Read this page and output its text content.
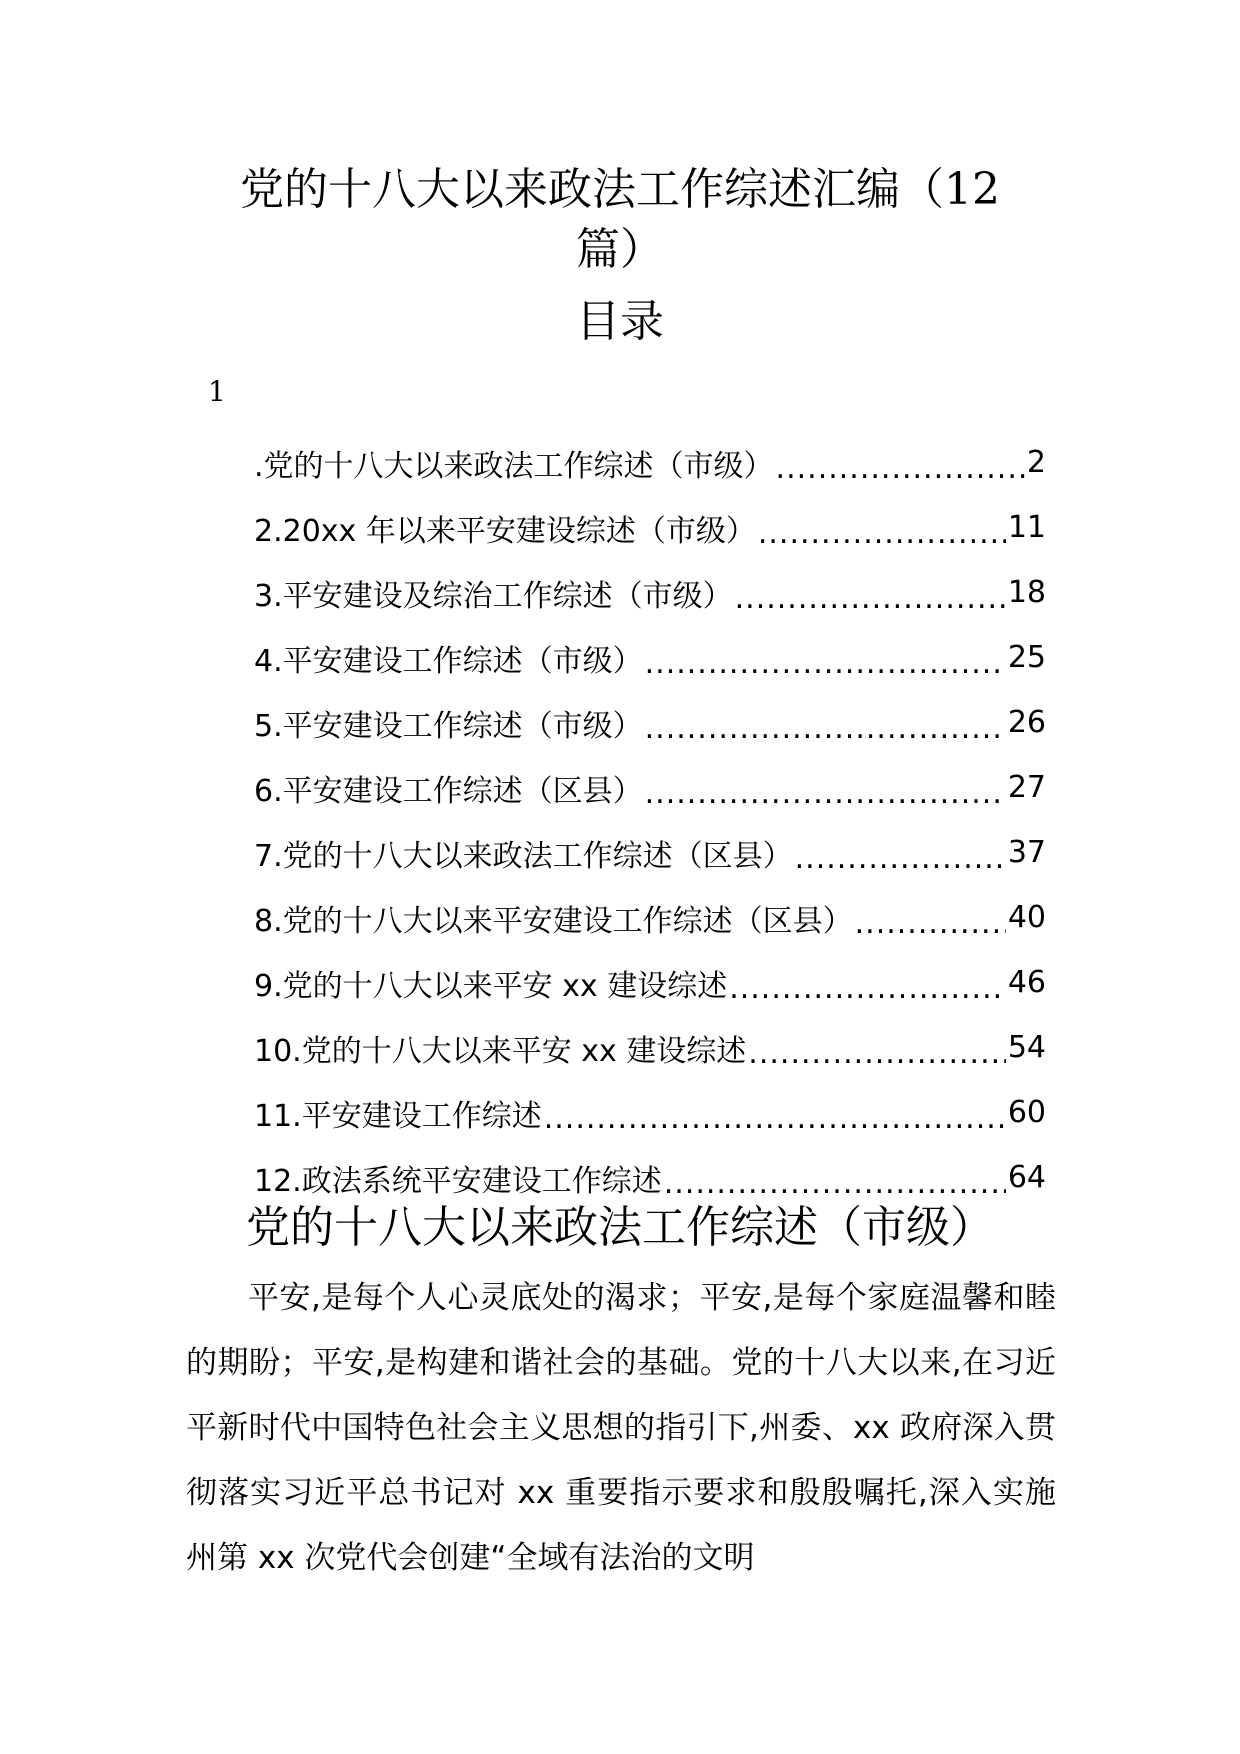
党的十八大以来政法工作综述汇编（12
篇）
目录
1
.党的十八大以来政法工作综述（市级） .....	2
2.20xx 年以来平安建设综述（市级） .....	11
3.平安建设及综治工作综述（市级） .....	18
4.平安建设工作综述（市级） .....	25
5.平安建设工作综述（市级） .....	26
6.平安建设工作综述（区县） .....	27
7.党的十八大以来政法工作综述（区县） .....	37
8.党的十八大以来平安建设工作综述（区县） .....	40
9.党的十八大以来平安 xx 建设综述 .....	46
10.党的十八大以来平安 xx 建设综述 .....	54
11.平安建设工作综述 .....	60
12.政法系统平安建设工作综述 .....	64
党的十八大以来政法工作综述（市级）

平安,是每个人心灵底处的渴求；平安,是每个家庭温馨和睦的期盼；平安,是构建和谐社会的基础。党的十八大以来,在习近平新时代中国特色社会主义思想的指引下,州委、xx 政府深入贯彻落实习近平总书记对 xx 重要指示要求和殷殷嘱托,深入实施州第 xx 次党代会创建“全域有法治的文明
